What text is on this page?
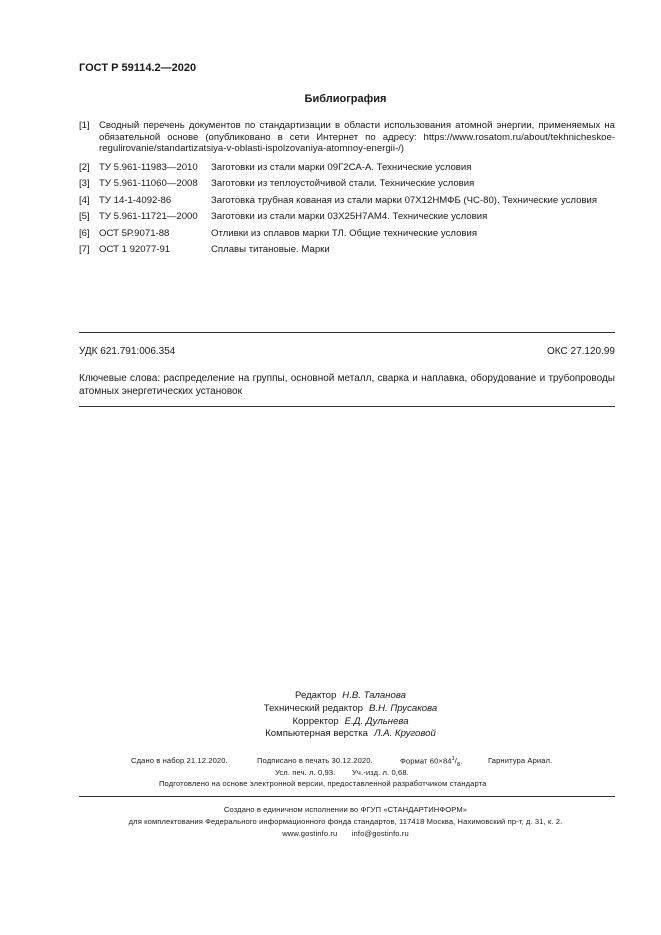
ГОСТ Р 59114.2—2020
Библиография
[1] Сводный перечень документов по стандартизации в области использования атомной энергии, применяемых на обязательной основе (опубликовано в сети Интернет по адресу: https://www.rosatom.ru/about/tekhnicheskoe-regulirovanie/standartizatsiya-v-oblasti-ispolzovaniya-atomnoy-energii-/)
[2] ТУ 5.961-11983—2010 Заготовки из стали марки 09Г2СА-А. Технические условия
[3] ТУ 5.961-11060—2008 Заготовки из теплоустойчивой стали. Технические условия
[4] ТУ 14-1-4092-86	Заготовка трубная кованая из стали марки 07Х12НМФБ (ЧС-80). Технические условия
[5] ТУ 5.961-11721—2000 Заготовки из стали марки 03Х25Н7АМ4. Технические условия
[6] ОСТ 5Р.9071-88	Отливки из сплавов марки ТЛ. Общие технические условия
[7] ОСТ 1 92077-91	Сплавы титановые. Марки
УДК 621.791:006.354	ОКС 27.120.99
Ключевые слова: распределение на группы, основной металл, сварка и наплавка, оборудование и трубопроводы атомных энергетических установок
Редактор Н.В. Таланова
Технический редактор В.Н. Прусакова
Корректор Е.Д. Дульнева
Компьютерная верстка Л.А. Круговой
Сдано в набор 21.12.2020.	Подписано в печать 30.12.2020.	Формат $60\times 84^1/_8$.	Гарнитура Ариал.
Усл. печ. л. 0,93. Уч.-изд. л. 0,68.
Подготовлено на основе электронной версии, предоставленной разработчиком стандарта
Создано в единичном исполнении во ФГУП «СТАНДАРТИНФОРМ»
для комплектования Федерального информационного фонда стандартов, 117418 Москва, Нахимовский пр-т, д. 31, к. 2.
www.gostinfo.ru info@gostinfo.ru
